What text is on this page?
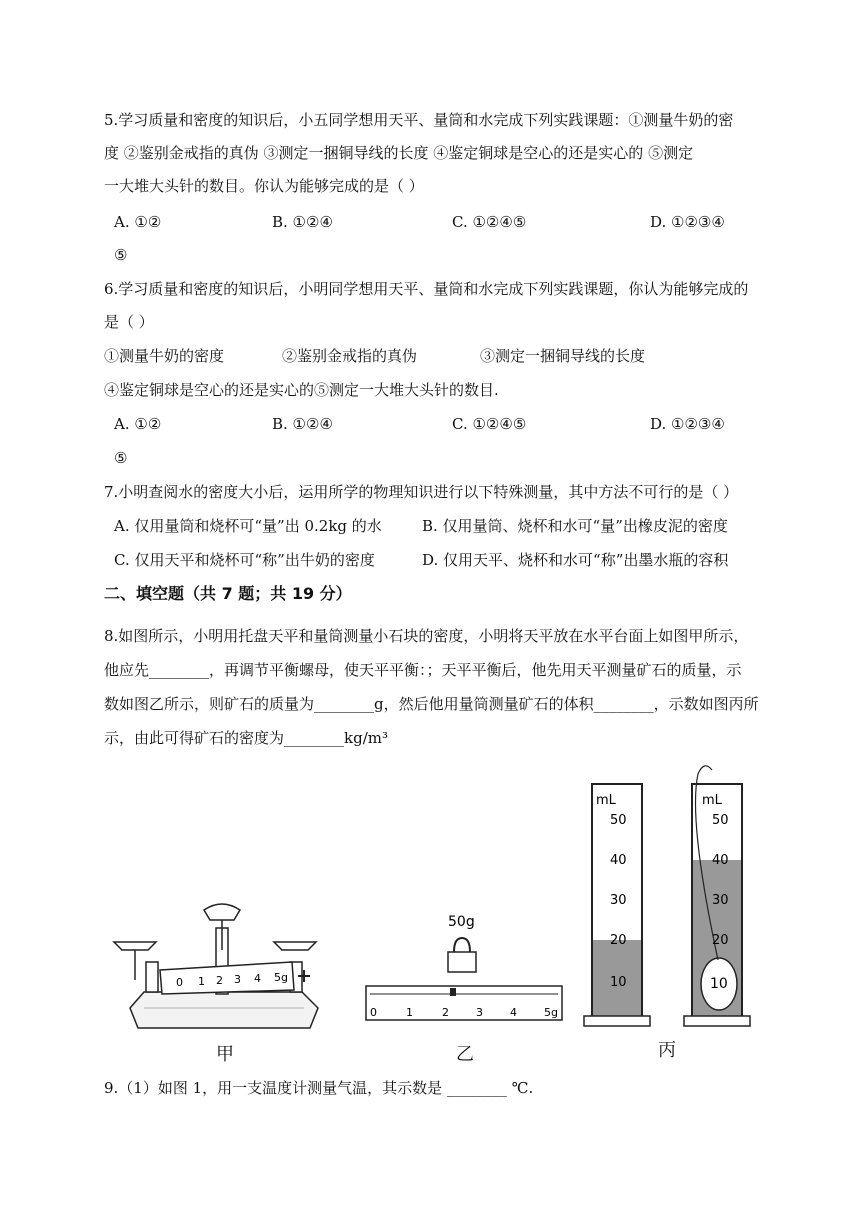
5.学习质量和密度的知识后，小五同学想用天平、量筒和水完成下列实践课题：①测量牛奶的密
度 ②鉴别金戒指的真伪 ③测定一捆铜导线的长度 ④鉴定铜球是空心的还是实心的 ⑤测定
一大堆大头针的数目。你认为能够完成的是（ ）
A. ①②	B. ①②④	C. ①②④⑤	D. ①②③④
⑤
6.学习质量和密度的知识后，小明同学想用天平、量筒和水完成下列实践课题，你认为能够完成的
是（ ）
①测量牛奶的密度	②鉴别金戒指的真伪	③测定一捆铜导线的长度
④鉴定铜球是空心的还是实心的⑤测定一大堆大头针的数目.
A. ①②	B. ①②④	C. ①②④⑤	D. ①②③④
⑤
7.小明查阅水的密度大小后，运用所学的物理知识进行以下特殊测量，其中方法不可行的是（ ）
A. 仅用量筒和烧杯可“量”出 0.2kg 的水	B. 仅用量筒、烧杯和水可“量”出橡皮泥的密度
C. 仅用天平和烧杯可“称”出牛奶的密度	D. 仅用天平、烧杯和水可“称”出墨水瓶的容积
二、填空题（共 7 题；共 19 分）
8.如图所示，小明用托盘天平和量筒测量小石块的密度，小明将天平放在水平台面上如图甲所示，
他应先________，再调节平衡螺母，使天平平衡：；天平平衡后，他先用天平测量矿石的质量，示
数如图乙所示，则矿石的质量为________g，然后他用量筒测量矿石的体积________，示数如图丙所
示，由此可得矿石的密度为________kg/m³
0 1 2 3 4 5g
甲
50g
0	1	2 3 4 5g
乙
mL
50
40
30
20
10
mL
50
40
30
20
10
丙
9.（1）如图 1，用一支温度计测量气温，其示数是 ________ ℃.
